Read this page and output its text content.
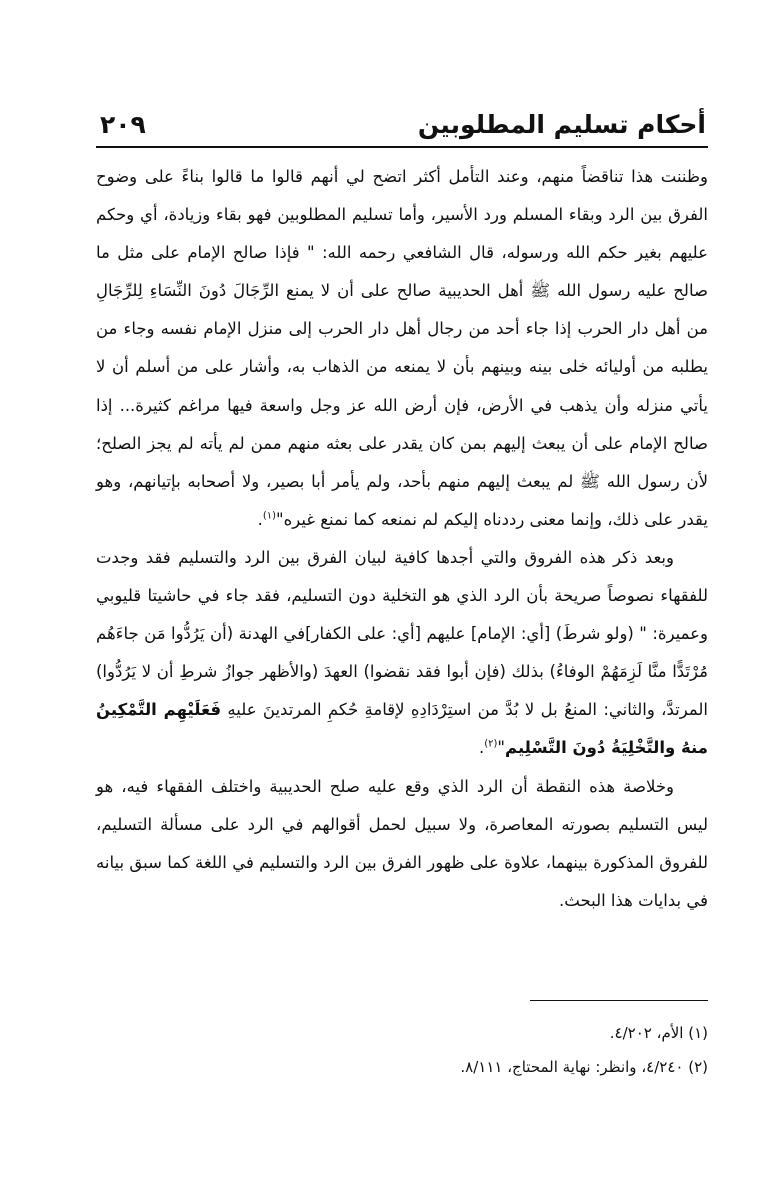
أحكام تسليم المطلوبين
٢٠٩

وظننت هذا تناقضاً منهم، وعند التأمل أكثر اتضح لي أنهم قالوا ما قالوا بناءً على وضوح الفرق بين الرد وبقاء المسلم ورد الأسير، وأما تسليم المطلوبين فهو بقاء وزيادة، أي وحكم عليهم بغير حكم الله ورسوله، قال الشافعي رحمه الله: " فإذا صالح الإمام على مثل ما صالح عليه رسول الله ﷺ أهل الحديبية صالح على أن لا يمنع الرِّجَالَ دُونَ النِّسَاءِ لِلرِّجَالِ من أهل دار الحرب إذا جاء أحد من رجال أهل دار الحرب إلى منزل الإمام نفسه وجاء من يطلبه من أوليائه خلى بينه وبينهم بأن لا يمنعه من الذهاب به، وأشار على من أسلم أن لا يأتي منزله وأن يذهب في الأرض، فإن أرض الله عز وجل واسعة فيها مراغم كثيرة... إذا صالح الإمام على أن يبعث إليهم بمن كان يقدر على بعثه منهم ممن لم يأته لم يجز الصلح؛ لأن رسول الله ﷺ لم يبعث إليهم منهم بأحد، ولم يأمر أبا بصير، ولا أصحابه بإتيانهم، وهو يقدر على ذلك، وإنما معنى رددناه إليكم لم نمنعه كما نمنع غيره"$^{(١)}$.

وبعد ذكر هذه الفروق والتي أجدها كافية لبيان الفرق بين الرد والتسليم فقد وجدت للفقهاء نصوصاً صريحة بأن الرد الذي هو التخلية دون التسليم، فقد جاء في حاشيتا قليوبي وعميرة: " (ولو شرطَ) [أي: الإمام] عليهم [أي: على الكفار]في الهدنة (أن يَرُدُّوا مَن جاءَهُم مُرْتَدًّا منَّا لَزِمَهُمْ الوفاءُ) بذلك (فإن أبوا فقد نقضوا) العهدَ (والأظهر جوازُ شرطِ أن لا يَرُدُّوا) المرتدَّ، والثاني: المنعُ بل لا بُدَّ من استِرْدَادِهِ لإقامةِ حُكمِ المرتدينَ عليهِ فَعَلَيْهِم التَّمْكِينُ منهُ والتَّخْلِيَةُ دُونَ التَّسْلِيم"$^{(٢)}$.

وخلاصة هذه النقطة أن الرد الذي وقع عليه صلح الحديبية واختلف الفقهاء فيه، هو ليس التسليم بصورته المعاصرة، ولا سبيل لحمل أقوالهم في الرد على مسألة التسليم، للفروق المذكورة بينهما، علاوة على ظهور الفرق بين الرد والتسليم في اللغة كما سبق بيانه في بدايات هذا البحث.

(١) الأم، ٤/٢٠٢.

(٢) ٤/٢٤٠، وانظر: نهاية المحتاج، ٨/١١١.
